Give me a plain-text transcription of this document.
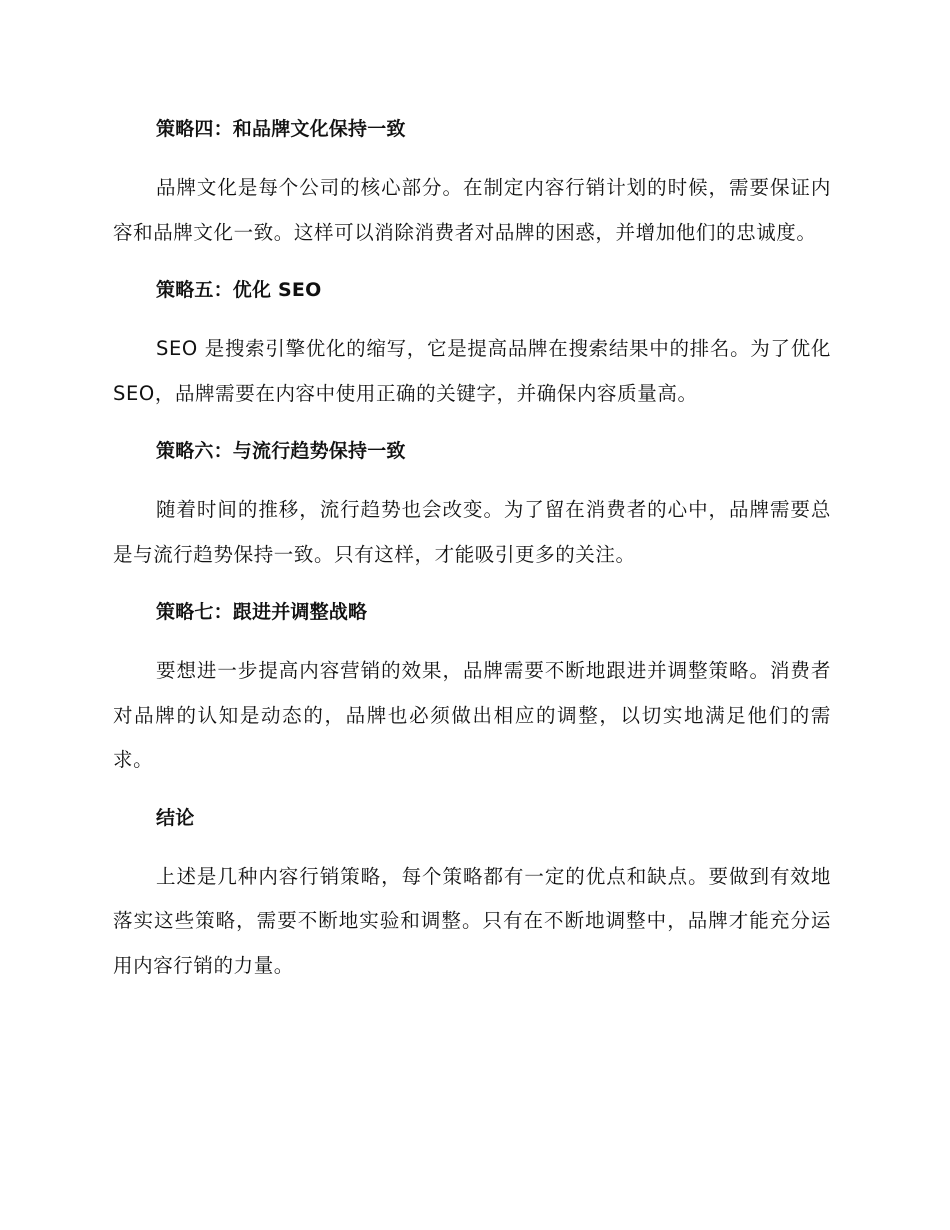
策略四：和品牌文化保持一致

品牌文化是每个公司的核心部分。在制定内容行销计划的时候，需要保证内容和品牌文化一致。这样可以消除消费者对品牌的困惑，并增加他们的忠诚度。

策略五：优化 SEO

SEO 是搜索引擎优化的缩写，它是提高品牌在搜索结果中的排名。为了优化 SEO，品牌需要在内容中使用正确的关键字，并确保内容质量高。

策略六：与流行趋势保持一致

随着时间的推移，流行趋势也会改变。为了留在消费者的心中，品牌需要总是与流行趋势保持一致。只有这样，才能吸引更多的关注。

策略七：跟进并调整战略

要想进一步提高内容营销的效果，品牌需要不断地跟进并调整策略。消费者对品牌的认知是动态的，品牌也必须做出相应的调整，以切实地满足他们的需求。

结论

上述是几种内容行销策略，每个策略都有一定的优点和缺点。要做到有效地落实这些策略，需要不断地实验和调整。只有在不断地调整中，品牌才能充分运用内容行销的力量。
